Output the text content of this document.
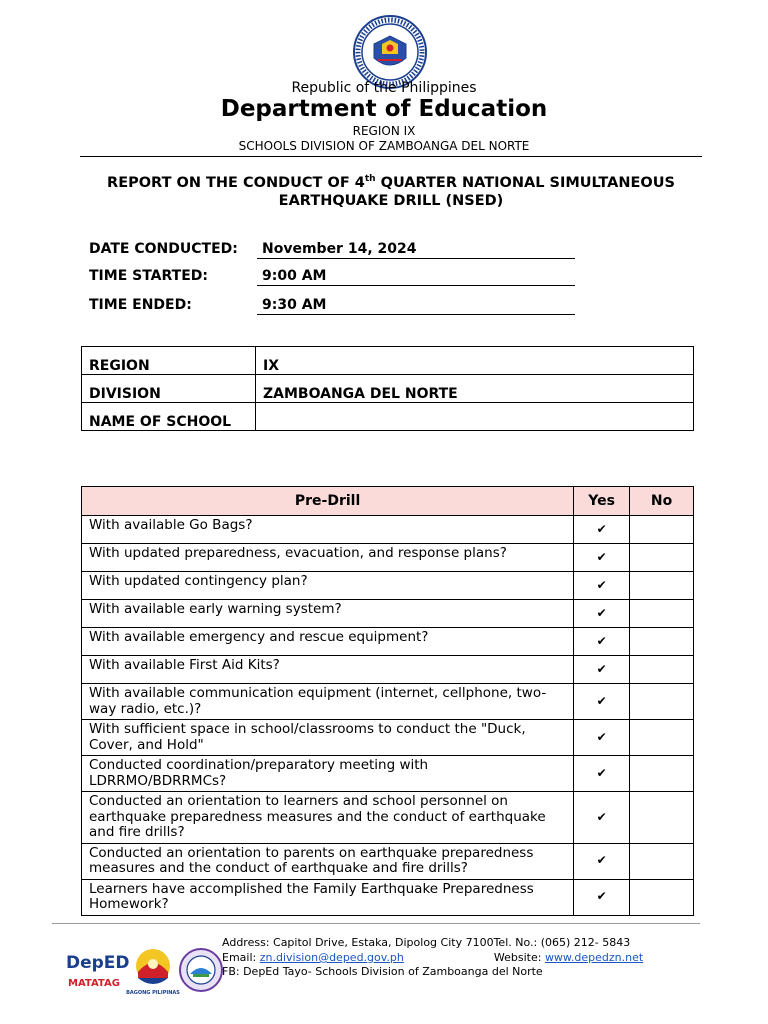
Republic of the Philippines
Department of Education
REGION IX
SCHOOLS DIVISION OF ZAMBOANGA DEL NORTE
REPORT ON THE CONDUCT OF 4th QUARTER NATIONAL SIMULTANEOUS
EARTHQUAKE DRILL (NSED)
DATE CONDUCTED:	November 14, 2024
TIME STARTED:	9:00 AM
TIME ENDED:	9:30 AM
REGION	IX
DIVISION	ZAMBOANGA DEL NORTE
NAME OF SCHOOL	
Pre-Drill	Yes	No
With available Go Bags?	✔	
With updated preparedness, evacuation, and response plans?	✔	
With updated contingency plan?	✔	
With available early warning system?	✔	
With available emergency and rescue equipment?	✔	
With available First Aid Kits?	✔	
With available communication equipment (internet, cellphone, two-way radio, etc.)?	✔	
With sufficient space in school/classrooms to conduct the "Duck, Cover, and Hold"	✔	
Conducted coordination/preparatory meeting with LDRRMO/BDRRMCs?	✔	
Conducted an orientation to learners and school personnel on earthquake preparedness measures and the conduct of earthquake and fire drills?	✔	
Conducted an orientation to parents on earthquake preparedness measures and the conduct of earthquake and fire drills?	✔	
Learners have accomplished the Family Earthquake Preparedness Homework?	✔	
DepED
MATATAG
BAGONG PILIPINAS
Address: Capitol Drive, Estaka, Dipolog City 7100Tel. No.: (065) 212- 5843
Email: zn.division@deped.gov.ph	Website: www.depedzn.net
FB: DepEd Tayo- Schools Division of Zamboanga del Norte
